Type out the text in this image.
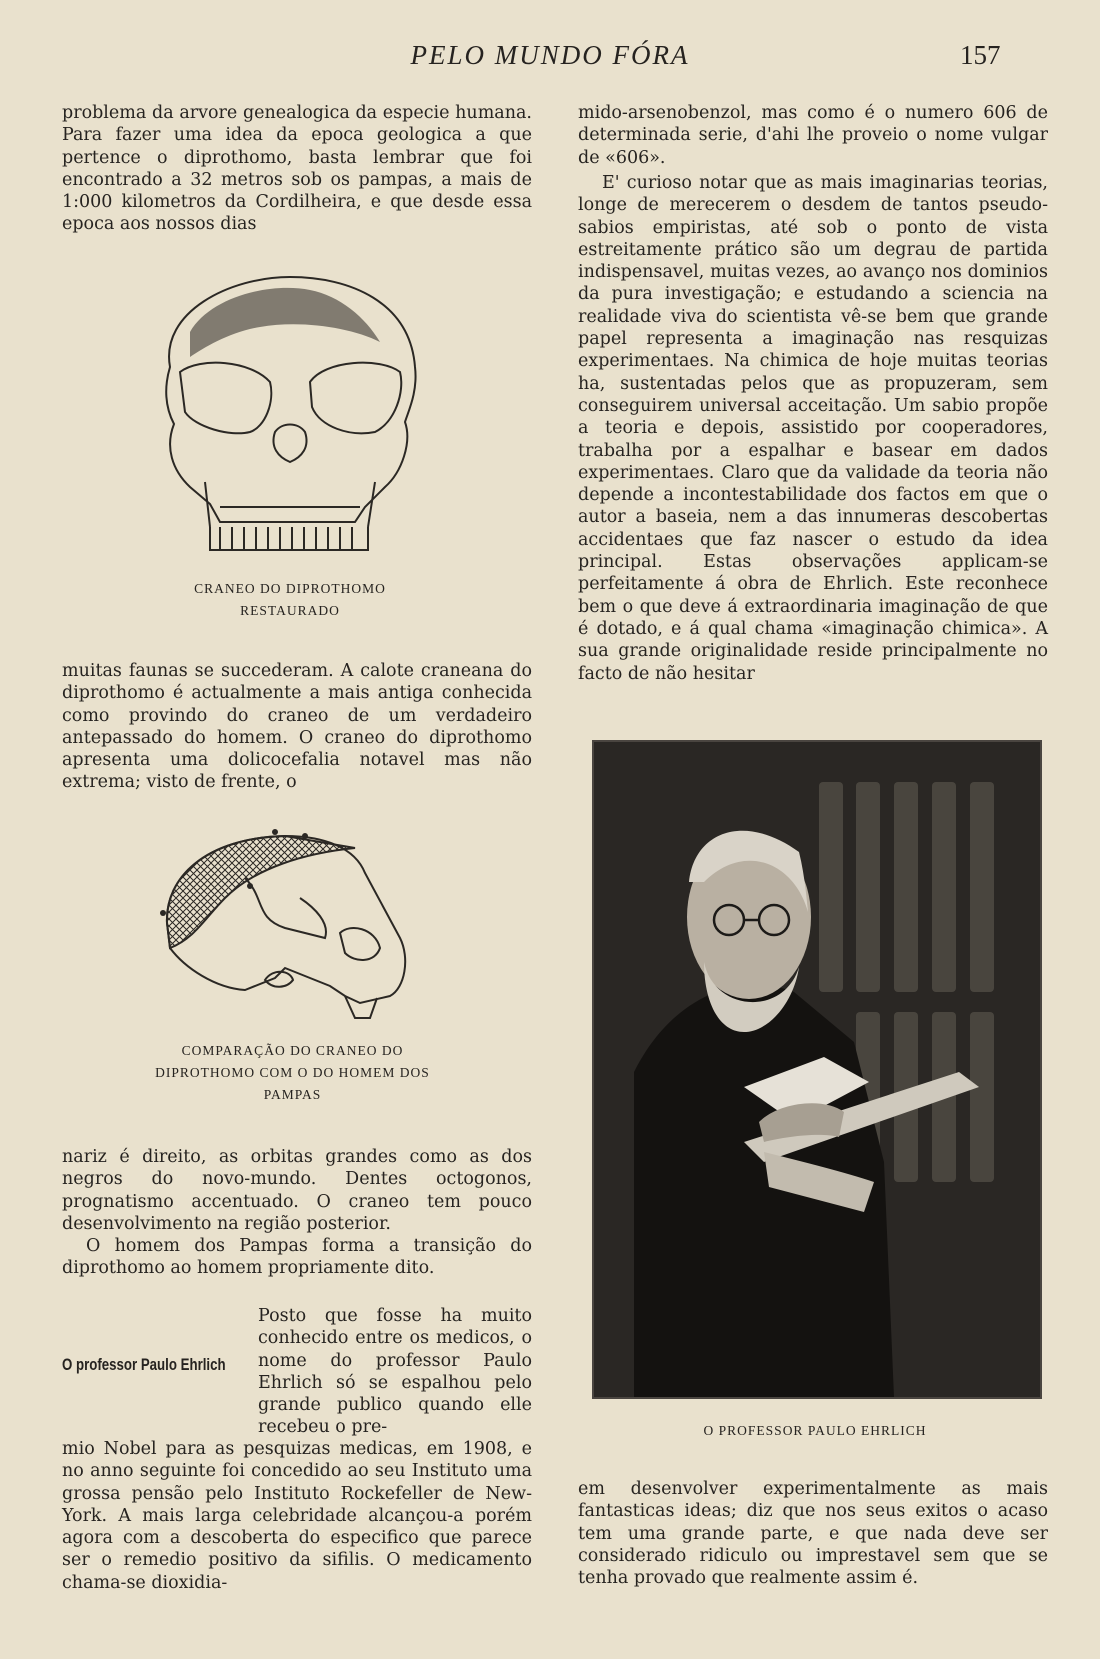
PELO MUNDO FÓRA	157

problema da arvore genealogica da especie humana. Para fazer uma idea da epoca geologica a que pertence o diprothomo, basta lembrar que foi encontrado a 32 metros sob os pampas, a mais de 1:000 kilometros da Cordilheira, e que desde essa epoca aos nossos dias

CRANEO DO DIPROTHOMO RESTAURADO

muitas faunas se succederam. A calote craneana do diprothomo é actualmente a mais antiga conhecida como provindo do craneo de um verdadeiro antepassado do homem. O craneo do diprothomo apresenta uma dolicocefalia notavel mas não extrema; visto de frente, o

COMPARAÇÃO DO CRANEO DO DIPROTHOMO COM O DO HOMEM DOS PAMPAS

nariz é direito, as orbitas grandes como as dos negros do novo-mundo. Dentes octogonos, prognatismo accentuado. O craneo tem pouco desenvolvimento na região posterior.

O homem dos Pampas forma a transição do diprothomo ao homem propriamente dito.

O professor Paulo Ehrlich

Posto que fosse ha muito conhecido entre os medicos, o nome do professor Paulo Ehrlich só se espalhou pelo grande publico quando elle recebeu o pre-

mio Nobel para as pesquizas medicas, em 1908, e no anno seguinte foi concedido ao seu Instituto uma grossa pensão pelo Instituto Rockefeller de New-York. A mais larga celebridade alcançou-a porém agora com a descoberta do especifico que parece ser o remedio positivo da sifilis. O medicamento chama-se dioxidia-

mido-arsenobenzol, mas como é o numero 606 de determinada serie, d'ahi lhe proveio o nome vulgar de «606».

E' curioso notar que as mais imaginarias teorias, longe de merecerem o desdem de tantos pseudo-sabios empiristas, até sob o ponto de vista estreitamente prático são um degrau de partida indispensavel, muitas vezes, ao avanço nos dominios da pura investigação; e estudando a sciencia na realidade viva do scientista vê-se bem que grande papel representa a imaginação nas resquizas experimentaes. Na chimica de hoje muitas teorias ha, sustentadas pelos que as propuzeram, sem conseguirem universal acceitação. Um sabio propõe a teoria e depois, assistido por cooperadores, trabalha por a espalhar e basear em dados experimentaes. Claro que da validade da teoria não depende a incontestabilidade dos factos em que o autor a baseia, nem a das innumeras descobertas accidentaes que faz nascer o estudo da idea principal. Estas observações applicam-se perfeitamente á obra de Ehrlich. Este reconhece bem o que deve á extraordinaria imaginação de que é dotado, e á qual chama «imaginação chimica». A sua grande originalidade reside principalmente no facto de não hesitar

O PROFESSOR PAULO EHRLICH

em desenvolver experimentalmente as mais fantasticas ideas; diz que nos seus exitos o acaso tem uma grande parte, e que nada deve ser considerado ridiculo ou imprestavel sem que se tenha provado que realmente assim é.
